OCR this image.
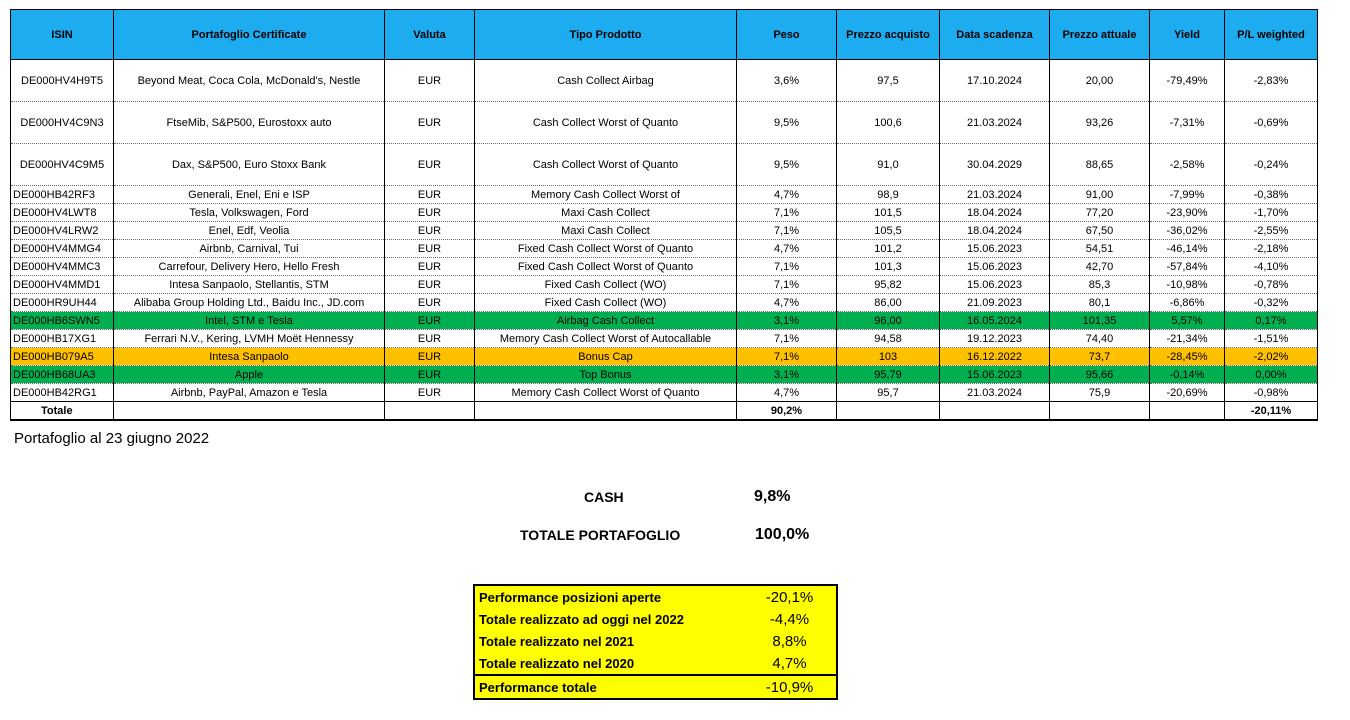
ISIN	Portafoglio Certificate	Valuta	Tipo Prodotto	Peso	Prezzo acquisto	Data scadenza	Prezzo attuale	Yield	P/L weighted
DE000HV4H9T5	Beyond Meat, Coca Cola, McDonald's, Nestle	EUR	Cash Collect Airbag	3,6%	97,5	17.10.2024	20,00	-79,49%	-2,83%
DE000HV4C9N3	FtseMib, S&P500, Eurostoxx auto	EUR	Cash Collect Worst of Quanto	9,5%	100,6	21.03.2024	93,26	-7,31%	-0,69%
DE000HV4C9M5	Dax, S&P500, Euro Stoxx Bank	EUR	Cash Collect Worst of Quanto	9,5%	91,0	30.04.2029	88,65	-2,58%	-0,24%
DE000HB42RF3	Generali, Enel, Eni e ISP	EUR	Memory Cash Collect Worst of	4,7%	98,9	21.03.2024	91,00	-7,99%	-0,38%
DE000HV4LWT8	Tesla, Volkswagen, Ford	EUR	Maxi Cash Collect	7,1%	101,5	18.04.2024	77,20	-23,90%	-1,70%
DE000HV4LRW2	Enel, Edf, Veolia	EUR	Maxi Cash Collect	7,1%	105,5	18.04.2024	67,50	-36,02%	-2,55%
DE000HV4MMG4	Airbnb, Carnival, Tui	EUR	Fixed Cash Collect Worst of Quanto	4,7%	101,2	15.06.2023	54,51	-46,14%	-2,18%
DE000HV4MMC3	Carrefour, Delivery Hero, Hello Fresh	EUR	Fixed Cash Collect Worst of Quanto	7,1%	101,3	15.06.2023	42,70	-57,84%	-4,10%
DE000HV4MMD1	Intesa Sanpaolo, Stellantis, STM	EUR	Fixed Cash Collect (WO)	7,1%	95,82	15.06.2023	85,3	-10,98%	-0,78%
DE000HR9UH44	Alibaba Group Holding Ltd., Baidu Inc., JD.com	EUR	Fixed Cash Collect (WO)	4,7%	86,00	21.09.2023	80,1	-6,86%	-0,32%
DE000HB6SWN5	Intel, STM e Tesla	EUR	Airbag Cash Collect	3,1%	96,00	16.05.2024	101,35	5,57%	0,17%
DE000HB17XG1	Ferrari N.V., Kering, LVMH Moët Hennessy	EUR	Memory Cash Collect Worst of Autocallable	7,1%	94,58	19.12.2023	74,40	-21,34%	-1,51%
DE000HB079A5	Intesa Sanpaolo	EUR	Bonus Cap	7,1%	103	16.12.2022	73,7	-28,45%	-2,02%
DE000HB68UA3	Apple	EUR	Top Bonus	3,1%	95,79	15.06.2023	95,66	-0,14%	0,00%
DE000HB42RG1	Airbnb, PayPal, Amazon e Tesla	EUR	Memory Cash Collect Worst of Quanto	4,7%	95,7	21.03.2024	75,9	-20,69%	-0,98%
Totale				90,2%					-20,11%
Portafoglio al 23 giugno 2022
CASH	9,8%
TOTALE PORTAFOGLIO	100,0%
Performance posizioni aperte	-20,1%
Totale realizzato ad oggi nel 2022	-4,4%
Totale realizzato nel 2021	8,8%
Totale realizzato nel 2020	4,7%
Performance totale	-10,9%
